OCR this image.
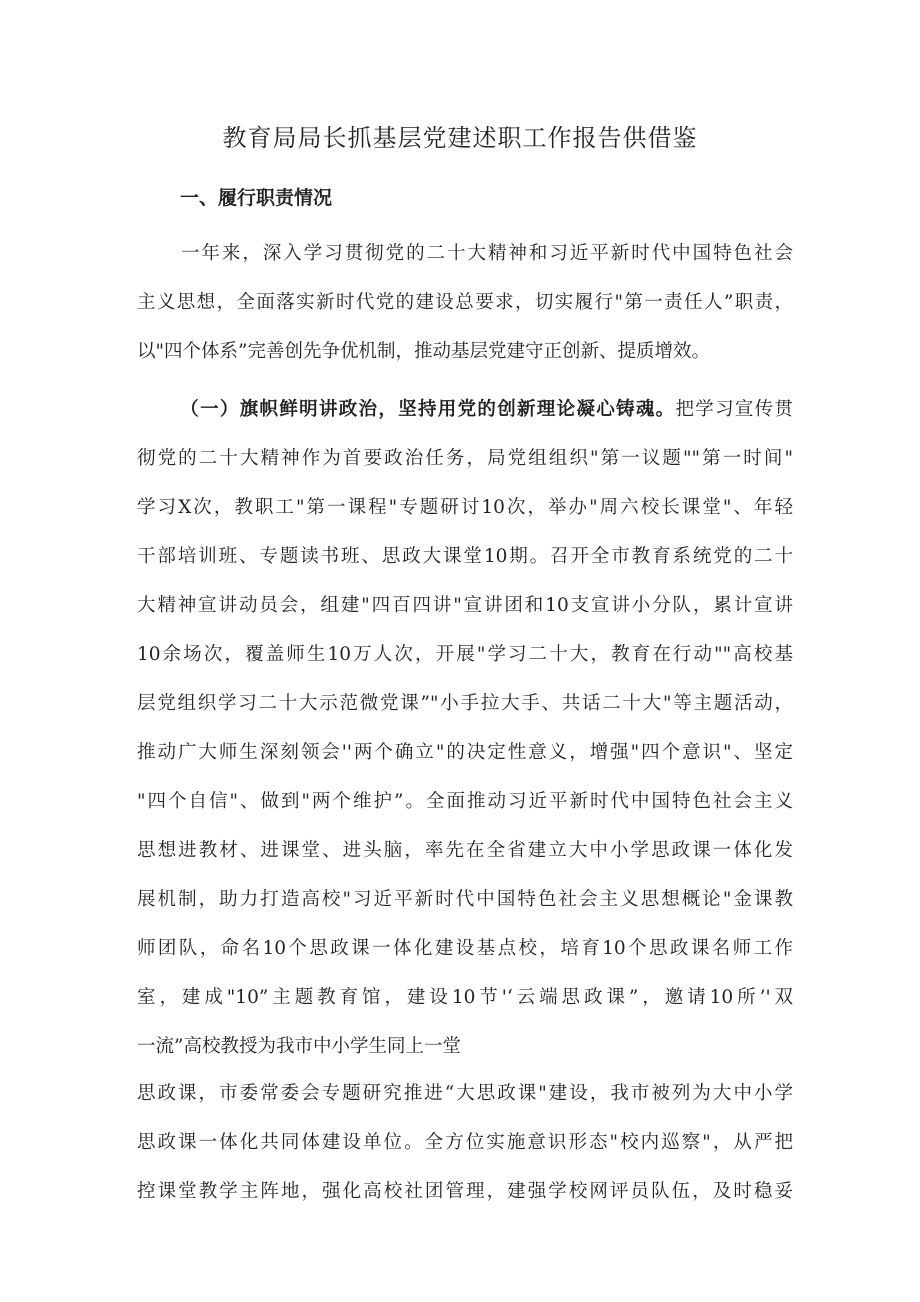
教育局局长抓基层党建述职工作报告供借鉴
一、履行职责情况
一年来，深入学习贯彻党的二十大精神和习近平新时代中国特色社会
主义思想，全面落实新时代党的建设总要求，切实履行"第一责任人”职责，
以"四个体系”完善创先争优机制，推动基层党建守正创新、提质增效。
（一）旗帜鲜明讲政治，坚持用党的创新理论凝心铸魂。把学习宣传贯
彻党的二十大精神作为首要政治任务，局党组组织"第一议题""第一时间"
学习X次，教职工"第一课程"专题研讨10次，举办"周六校长课堂"、年轻
干部培训班、专题读书班、思政大课堂10期。召开全市教育系统党的二十
大精神宣讲动员会，组建"四百四讲"宣讲团和10支宣讲小分队，累计宣讲
10余场次，覆盖师生10万人次，开展"学习二十大，教育在行动""高校基
层党组织学习二十大示范微党课”"小手拉大手、共话二十大"等主题活动，
推动广大师生深刻领会''两个确立"的决定性意义，增强"四个意识"、坚定
"四个自信"、做到"两个维护”。全面推动习近平新时代中国特色社会主义
思想进教材、进课堂、进头脑，率先在全省建立大中小学思政课一体化发
展机制，助力打造高校"习近平新时代中国特色社会主义思想概论"金课教
师团队，命名10个思政课一体化建设基点校，培育10个思政课名师工作
室，建成"10”主题教育馆，建设10节'‘云端思政课”，邀请10所’'双
一流”高校教授为我市中小学生同上一堂
思政课，市委常委会专题研究推进“大思政课"建设，我市被列为大中小学
思政课一体化共同体建设单位。全方位实施意识形态"校内巡察"，从严把
控课堂教学主阵地，强化高校社团管理，建强学校网评员队伍，及时稳妥
